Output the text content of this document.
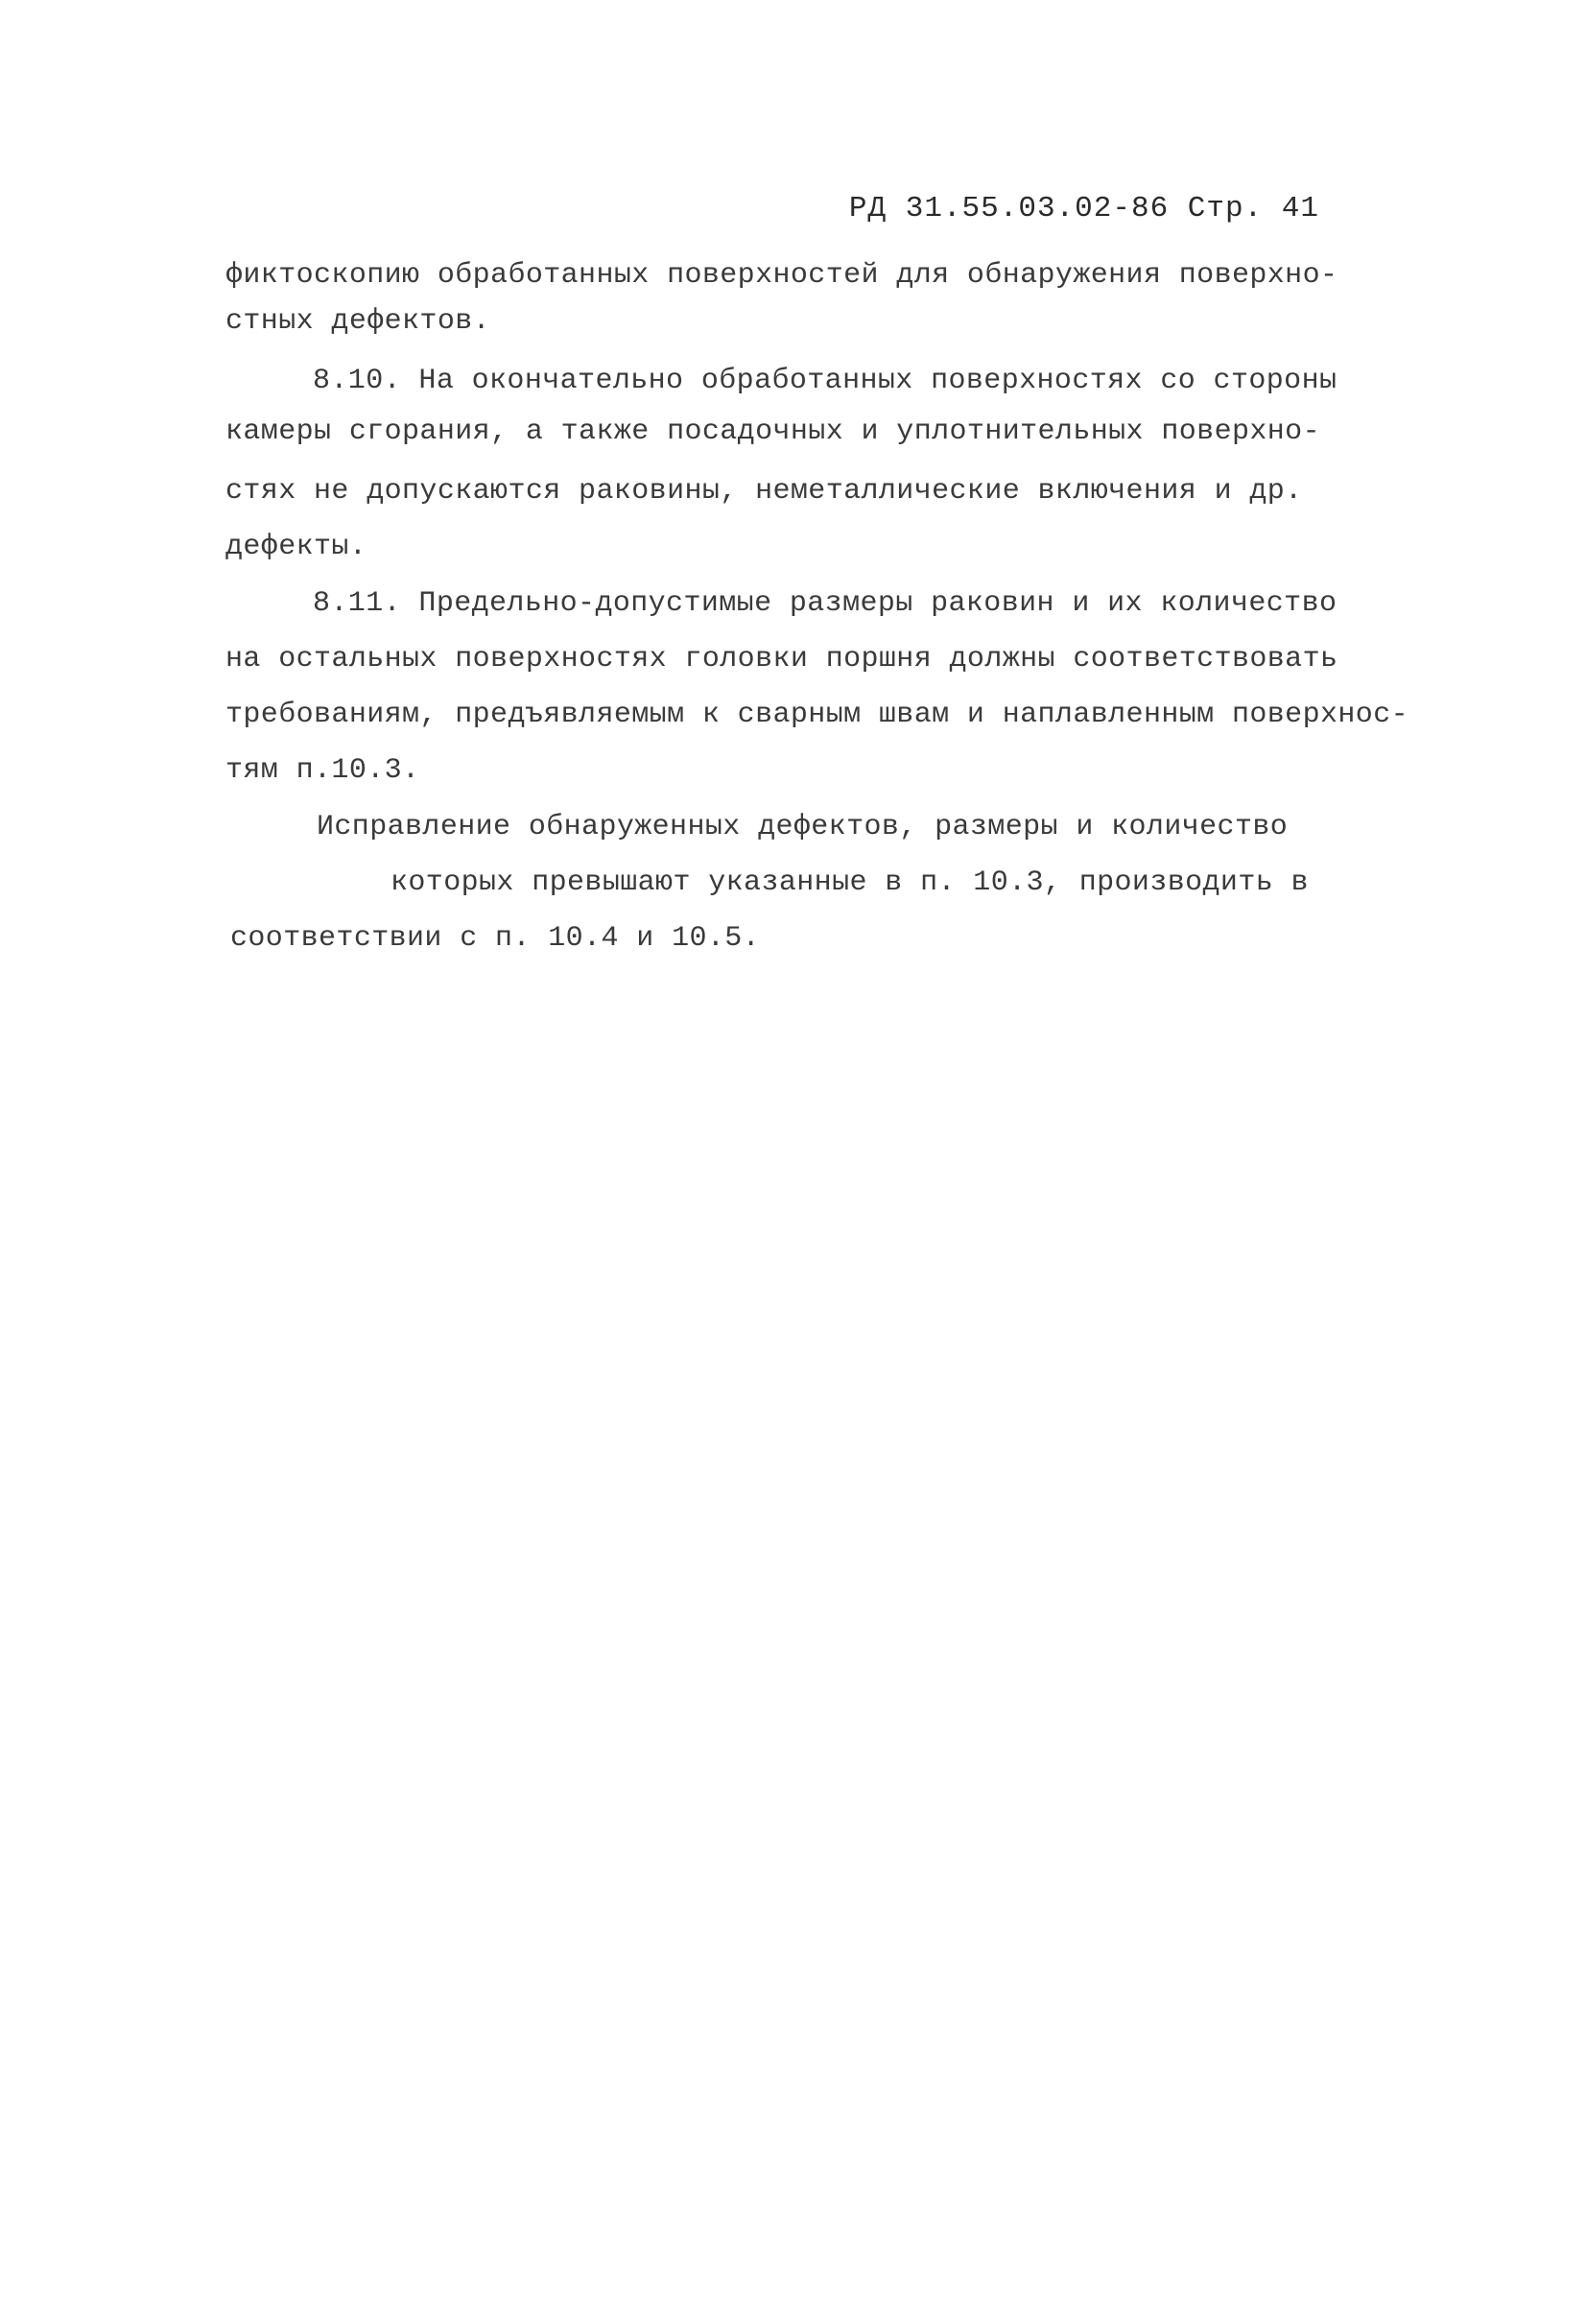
РД 31.55.03.02-86 Стр. 41
фиктоскопию обработанных поверхностей для обнаружения поверхно-
стных дефектов.
8.10. На окончательно обработанных поверхностях со стороны
камеры сгорания, а также посадочных и уплотнительных поверхно-
стях не допускаются раковины, неметаллические включения и др.
дефекты.
8.11. Предельно-допустимые размеры раковин и их количество
на остальных поверхностях головки поршня должны соответствовать
требованиям, предъявляемым к сварным швам и наплавленным поверхнос-
тям п.10.3.
Исправление обнаруженных дефектов, размеры и количество
которых превышают указанные в п. 10.3, производить в
соответствии с п. 10.4 и 10.5.
